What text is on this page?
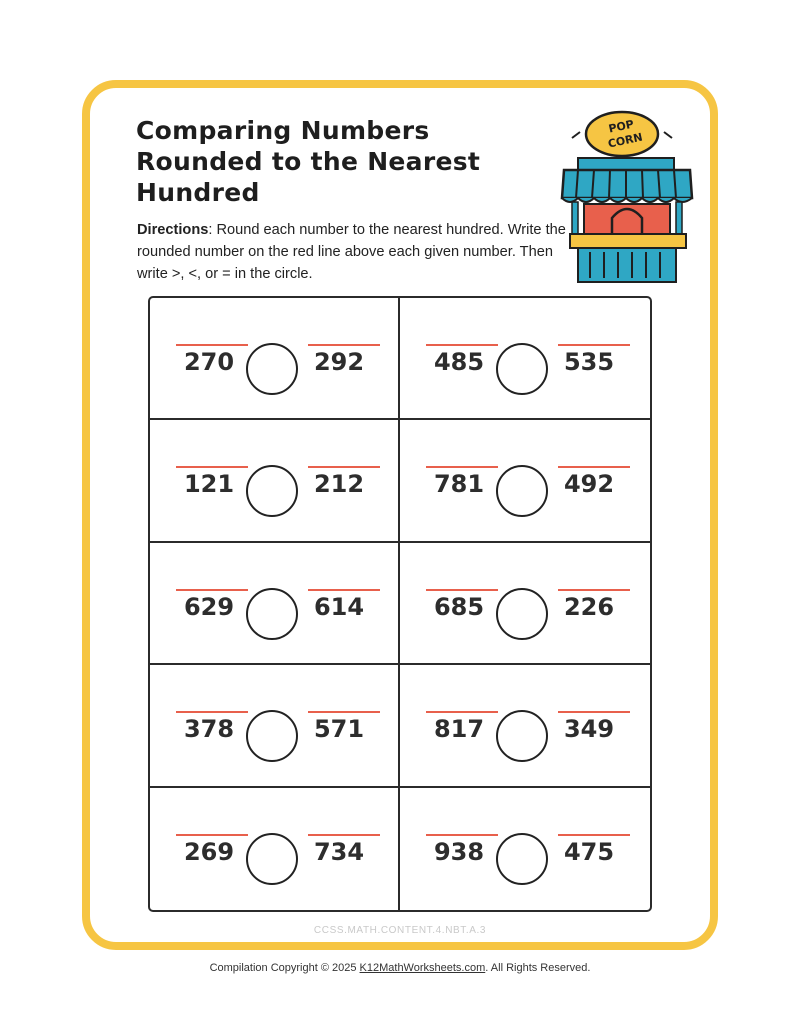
Comparing Numbers
Rounded to the Nearest
Hundred
Directions: Round each number to the nearest hundred. Write the rounded number on the red line above each given number. Then write >, <, or = in the circle.
POP
CORN
270	292	485	535
121	212	781	492
629	614	685	226
378	571	817	349
269	734	938	475
CCSS.MATH.CONTENT.4.NBT.A.3
Compilation Copyright © 2025 K12MathWorksheets.com. All Rights Reserved.
